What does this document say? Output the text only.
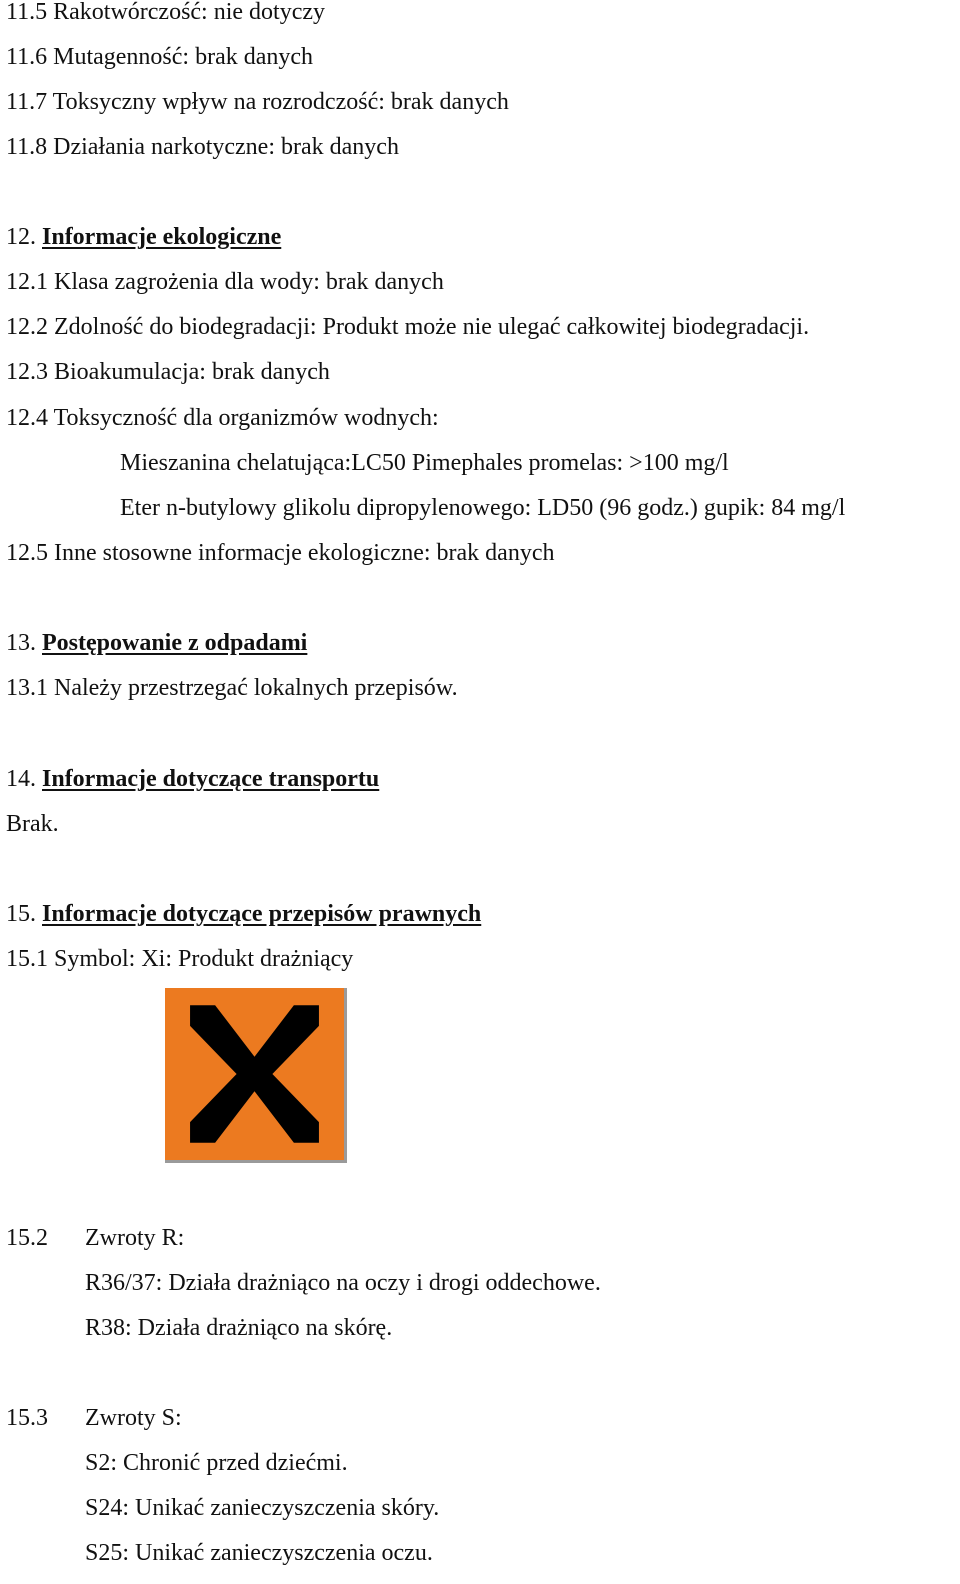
11.5 Rakotwórczość: nie dotyczy
11.6 Mutagenność: brak danych
11.7 Toksyczny wpływ na rozrodczość: brak danych
11.8 Działania narkotyczne: brak danych
12. Informacje ekologiczne
12.1 Klasa zagrożenia dla wody: brak danych
12.2 Zdolność do biodegradacji: Produkt może nie ulegać całkowitej biodegradacji.
12.3 Bioakumulacja: brak danych
12.4 Toksyczność dla organizmów wodnych:
Mieszanina chelatująca:LC50 Pimephales promelas: >100 mg/l
Eter n-butylowy glikolu dipropylenowego: LD50 (96 godz.) gupik: 84 mg/l
12.5 Inne stosowne informacje ekologiczne: brak danych
13. Postępowanie z odpadami
13.1 Należy przestrzegać lokalnych przepisów.
14. Informacje dotyczące transportu
Brak.
15. Informacje dotyczące przepisów prawnych
15.1 Symbol: Xi: Produkt drażniący
15.2 Zwroty R:
R36/37: Działa drażniąco na oczy i drogi oddechowe.
R38: Działa drażniąco na skórę.
15.3 Zwroty S:
S2: Chronić przed dziećmi.
S24: Unikać zanieczyszczenia skóry.
S25: Unikać zanieczyszczenia oczu.
